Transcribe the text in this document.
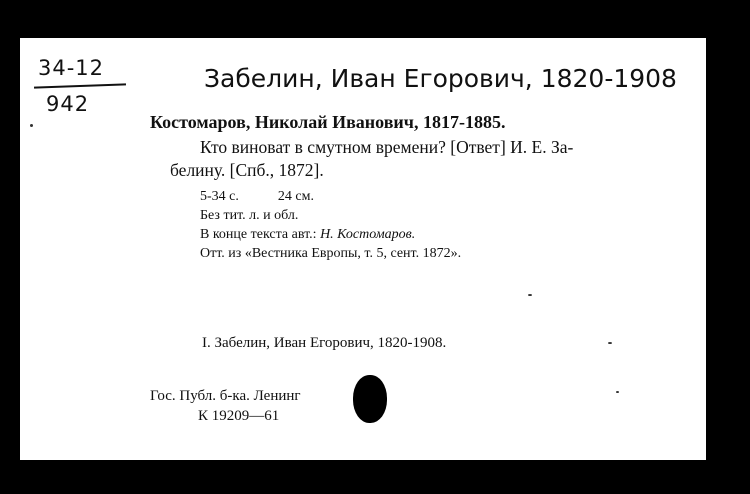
34-12
942
Забелин, Иван Егорович, 1820-1908
Костомаров, Николай Иванович, 1817-1885.
Кто виноват в смутном времени? [Ответ] И. Е. За-
белину. [Спб., 1872].
5-34 с.	24 см.
Без тит. л. и обл.
В конце текста авт.: Н. Костомаров.
Отт. из «Вестника Европы, т. 5, сент. 1872».
I. Забелин, Иван Егорович, 1820-1908.
Гос. Публ. б-ка. Ленинг
К 19209—61
